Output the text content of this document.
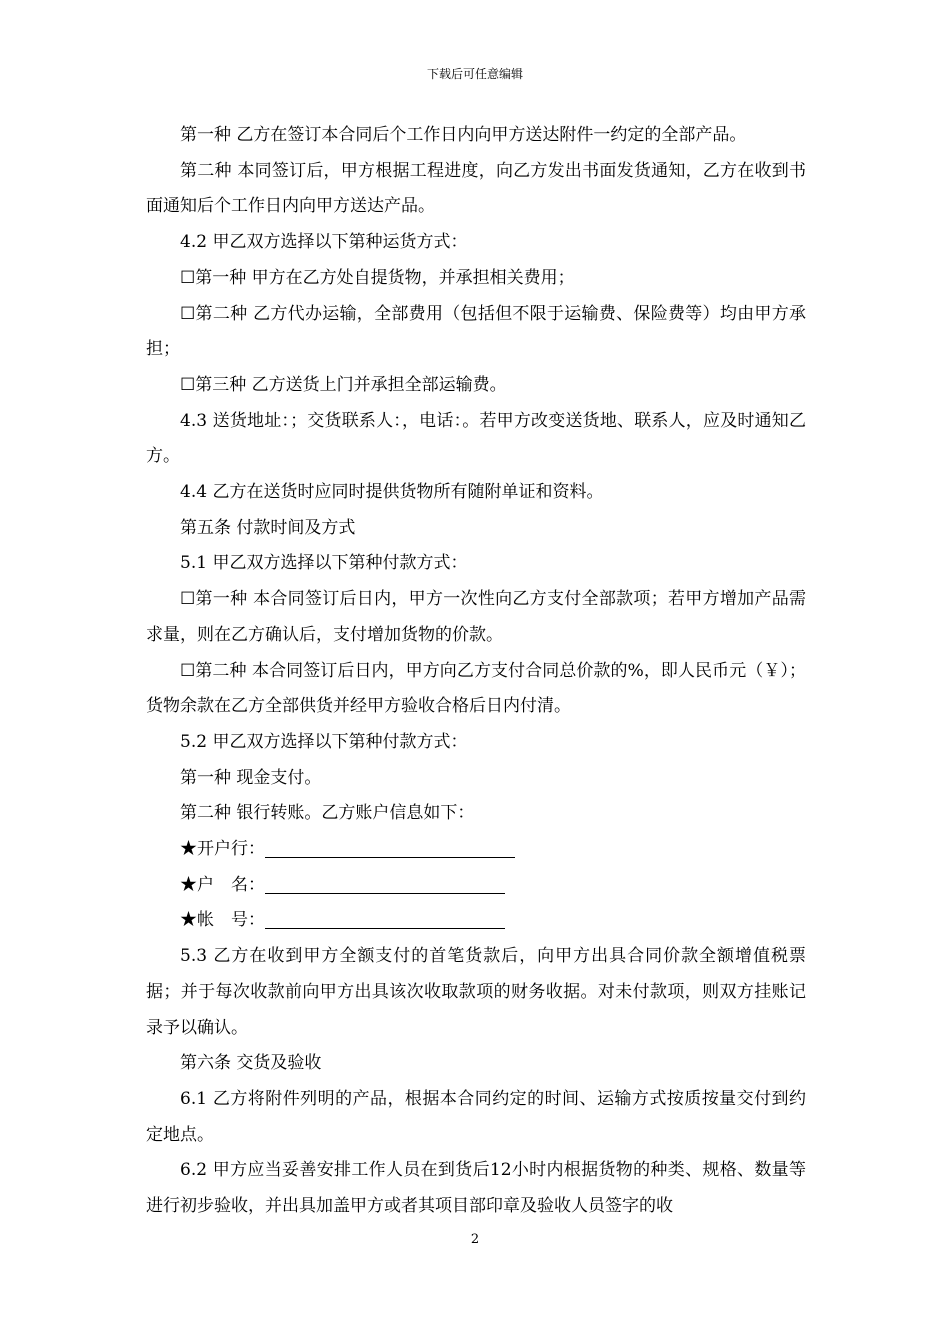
下载后可任意编辑

第一种 乙方在签订本合同后个工作日内向甲方送达附件一约定的全部产品。

第二种 本同签订后，甲方根据工程进度，向乙方发出书面发货通知，乙方在收到书面通知后个工作日内向甲方送达产品。

4.2 甲乙双方选择以下第种运货方式：

☐第一种 甲方在乙方处自提货物，并承担相关费用；

☐第二种 乙方代办运输，全部费用（包括但不限于运输费、保险费等）均由甲方承担；

☐第三种 乙方送货上门并承担全部运输费。

4.3 送货地址：；交货联系人：，电话：。若甲方改变送货地、联系人，应及时通知乙方。

4.4 乙方在送货时应同时提供货物所有随附单证和资料。

第五条 付款时间及方式

5.1 甲乙双方选择以下第种付款方式：

☐第一种 本合同签订后日内，甲方一次性向乙方支付全部款项；若甲方增加产品需求量，则在乙方确认后，支付增加货物的价款。

☐第二种 本合同签订后日内，甲方向乙方支付合同总价款的%，即人民币元（￥）；货物余款在乙方全部供货并经甲方验收合格后日内付清。

5.2 甲乙双方选择以下第种付款方式：

第一种 现金支付。

第二种 银行转账。乙方账户信息如下：

★开户行：

★户　名：

★帐　号：

5.3 乙方在收到甲方全额支付的首笔货款后，向甲方出具合同价款全额增值税票据；并于每次收款前向甲方出具该次收取款项的财务收据。对未付款项，则双方挂账记录予以确认。

第六条 交货及验收

6.1 乙方将附件列明的产品，根据本合同约定的时间、运输方式按质按量交付到约定地点。

6.2 甲方应当妥善安排工作人员在到货后12小时内根据货物的种类、规格、数量等进行初步验收，并出具加盖甲方或者其项目部印章及验收人员签字的收

2
